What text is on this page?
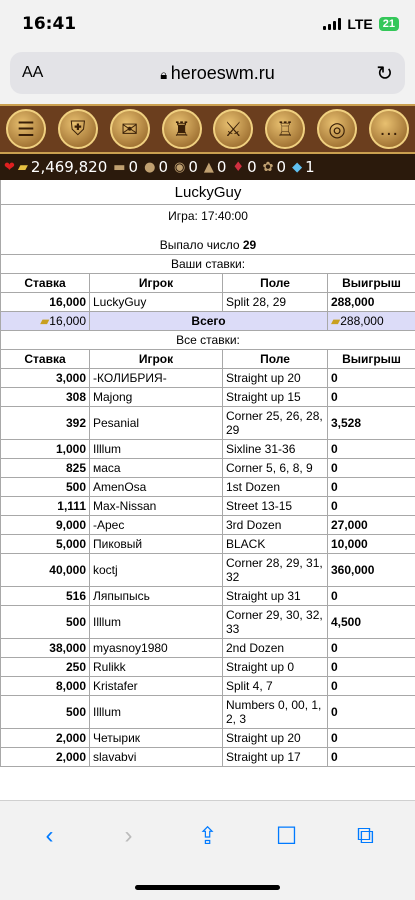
16:41	LTE 21
AA	🔒︎ heroeswm.ru	↻
☰	⛨	✉	♜	⚔	♖	◎	…
❤ ▰ 2,469,820 ▬ 0 ● 0 ◉ 0 ▲ 0 ♦ 0 ✿ 0 ◆ 1
LuckyGuy			

Игра: 17:40:00
Выпало число 29			

Ваши ставки:			
Ставка	Игрок	Поле	Выигрыш
16,000	LuckyGuy	Split 28, 29	288,000
▰16,000	Всего		▰288,000
Все ставки:			
Ставка	Игрок	Поле	Выигрыш
3,000	-КОЛИБРИЯ-	Straight up 20	0
308	Majong	Straight up 15	0
392	Pesanial	Corner 25, 26, 28, 29	3,528
1,000	Illlum	Sixline 31-36	0
825	маса	Corner 5, 6, 8, 9	0
500	AmenOsa	1st Dozen	0
1,111	Max-Nissan	Street 13-15	0
9,000	-Арес	3rd Dozen	27,000
5,000	Пиковый	BLACK	10,000
40,000	koctj	Corner 28, 29, 31, 32	360,000
516	Ляпыпысь	Straight up 31	0
500	Illlum	Corner 29, 30, 32, 33	4,500
38,000	myasnoy1980	2nd Dozen	0
250	Rulikk	Straight up 0	0
8,000	Kristafer	Split 4, 7	0
500	Illlum	Numbers 0, 00, 1, 2, 3	0
2,000	Четырик	Straight up 20	0
2,000	slavabvi	Straight up 17	0
‹	›	⇪	☐	⧉
